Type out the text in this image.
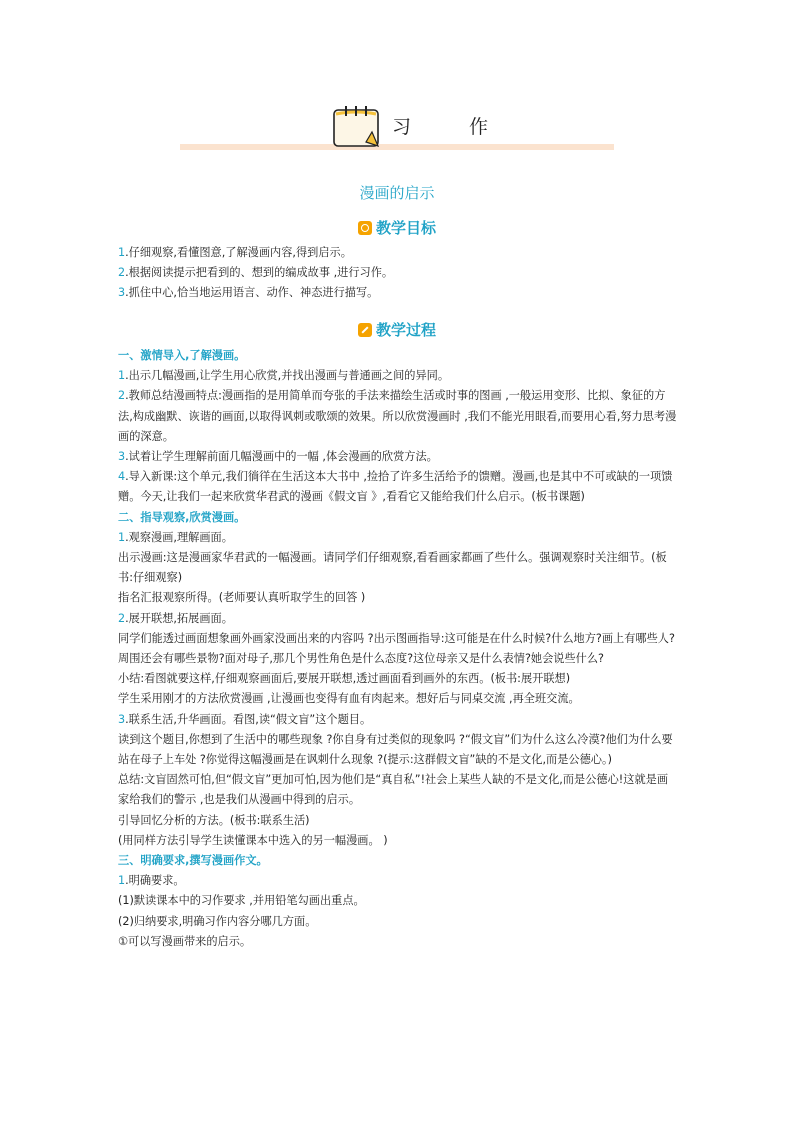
习 作
漫画的启示
教学目标

1.仔细观察,看懂图意,了解漫画内容,得到启示。

2.根据阅读提示把看到的、想到的编成故事 ,进行习作。

3.抓住中心,恰当地运用语言、动作、神态进行描写。

教学过程

一、激情导入,了解漫画。

1.出示几幅漫画,让学生用心欣赏,并找出漫画与普通画之间的异同。

2.教师总结漫画特点:漫画指的是用简单而夸张的手法来描绘生活或时事的图画 ,一般运用变形、比拟、象征的方法,构成幽默、诙谐的画面,以取得讽刺或歌颂的效果。所以欣赏漫画时 ,我们不能光用眼看,而要用心看,努力思考漫画的深意。

3.试着让学生理解前面几幅漫画中的一幅 ,体会漫画的欣赏方法。

4.导入新课:这个单元,我们徜徉在生活这本大书中 ,捡拾了许多生活给予的馈赠。漫画,也是其中不可或缺的一项馈赠。今天,让我们一起来欣赏华君武的漫画《假文盲 》,看看它又能给我们什么启示。(板书课题)

二、指导观察,欣赏漫画。

1.观察漫画,理解画面。

出示漫画:这是漫画家华君武的一幅漫画。请同学们仔细观察,看看画家都画了些什么。强调观察时关注细节。(板书:仔细观察)

指名汇报观察所得。(老师要认真听取学生的回答 )

2.展开联想,拓展画面。

同学们能透过画面想象画外画家没画出来的内容吗 ?出示图画指导:这可能是在什么时候?什么地方?画上有哪些人?周围还会有哪些景物?面对母子,那几个男性角色是什么态度?这位母亲又是什么表情?她会说些什么?

小结:看图就要这样,仔细观察画面后,要展开联想,透过画面看到画外的东西。(板书:展开联想)

学生采用刚才的方法欣赏漫画 ,让漫画也变得有血有肉起来。想好后与同桌交流 ,再全班交流。

3.联系生活,升华画面。看图,读“假文盲”这个题目。

读到这个题目,你想到了生活中的哪些现象 ?你自身有过类似的现象吗 ?“假文盲”们为什么这么冷漠?他们为什么要站在母子上车处 ?你觉得这幅漫画是在讽刺什么现象 ?(提示:这群假文盲”缺的不是文化,而是公德心。)

总结:文盲固然可怕,但“假文盲”更加可怕,因为他们是“真自私”!社会上某些人缺的不是文化,而是公德心!这就是画家给我们的警示 ,也是我们从漫画中得到的启示。

引导回忆分析的方法。(板书:联系生活)

(用同样方法引导学生读懂课本中选入的另一幅漫画。 )

三、明确要求,撰写漫画作文。

1.明确要求。

(1)默读课本中的习作要求 ,并用铅笔勾画出重点。

(2)归纳要求,明确习作内容分哪几方面。

①可以写漫画带来的启示。
